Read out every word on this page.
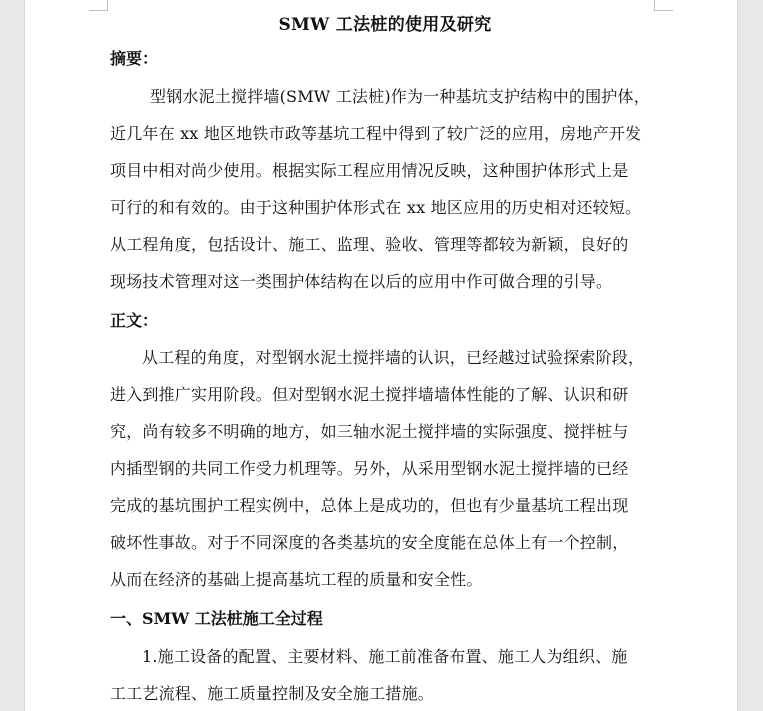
SMW 工法桩的使用及研究
摘要：
型钢水泥土搅拌墙(SMW 工法桩)作为一种基坑支护结构中的围护体，
近几年在 xx 地区地铁市政等基坑工程中得到了较广泛的应用，房地产开发
项目中相对尚少使用。根据实际工程应用情况反映，这种围护体形式上是
可行的和有效的。由于这种围护体形式在 xx 地区应用的历史相对还较短。
从工程角度，包括设计、施工、监理、验收、管理等都较为新颖，良好的
现场技术管理对这一类围护体结构在以后的应用中作可做合理的引导。
正文：
从工程的角度，对型钢水泥土搅拌墙的认识，已经越过试验探索阶段，
进入到推广实用阶段。但对型钢水泥土搅拌墙墙体性能的了解、认识和研
究，尚有较多不明确的地方，如三轴水泥土搅拌墙的实际强度、搅拌桩与
内插型钢的共同工作受力机理等。另外，从采用型钢水泥土搅拌墙的已经
完成的基坑围护工程实例中，总体上是成功的，但也有少量基坑工程出现
破坏性事故。对于不同深度的各类基坑的安全度能在总体上有一个控制，
从而在经济的基础上提高基坑工程的质量和安全性。
一、SMW 工法桩施工全过程
1.施工设备的配置、主要材料、施工前准备布置、施工人为组织、施
工工艺流程、施工质量控制及安全施工措施。
